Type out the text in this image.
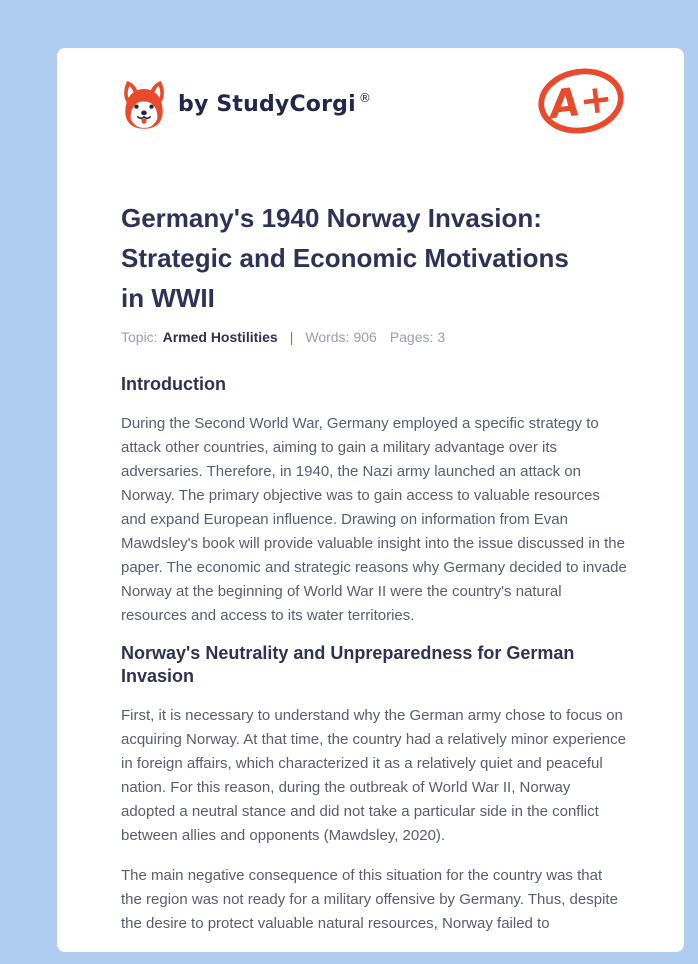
by StudyCorgi ®	A+
Germany's 1940 Norway Invasion: Strategic and Economic Motivations in WWII
Topic: Armed Hostilities | Words: 906 Pages: 3
Introduction

During the Second World War, Germany employed a specific strategy to attack other countries, aiming to gain a military advantage over its adversaries. Therefore, in 1940, the Nazi army launched an attack on Norway. The primary objective was to gain access to valuable resources and expand European influence. Drawing on information from Evan Mawdsley's book will provide valuable insight into the issue discussed in the paper. The economic and strategic reasons why Germany decided to invade Norway at the beginning of World War II were the country's natural resources and access to its water territories.

Norway's Neutrality and Unpreparedness for German Invasion

First, it is necessary to understand why the German army chose to focus on acquiring Norway. At that time, the country had a relatively minor experience in foreign affairs, which characterized it as a relatively quiet and peaceful nation. For this reason, during the outbreak of World War II, Norway adopted a neutral stance and did not take a particular side in the conflict between allies and opponents (Mawdsley, 2020).

The main negative consequence of this situation for the country was that the region was not ready for a military offensive by Germany. Thus, despite the desire to protect valuable natural resources, Norway failed to
